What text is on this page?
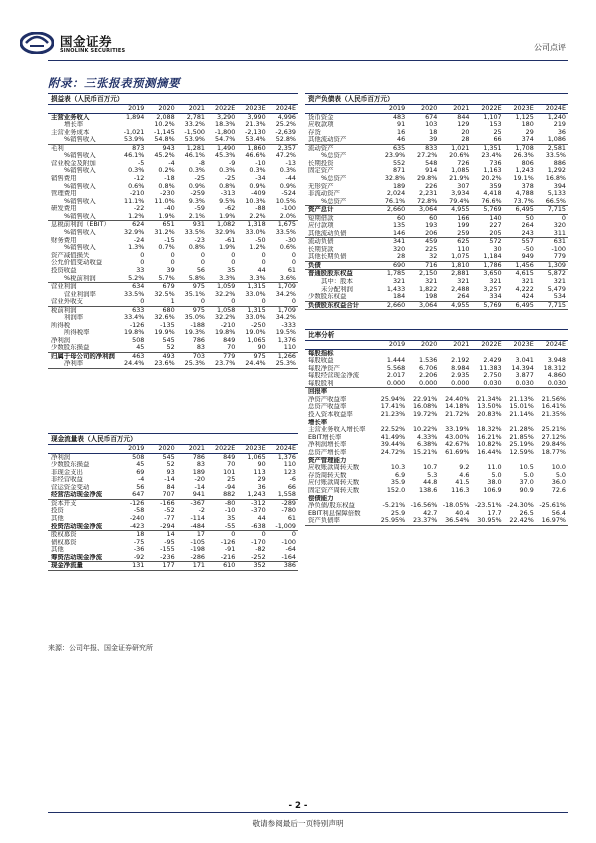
国金证券
SINOLINK SECURITIES	公司点评
附录：三张报表预测摘要
损益表（人民币百万元）
	2019	2020	2021	2022E	2023E	2024E
主营业务收入	1,894	2,088	2,781	3,290	3,990	4,996
增长率		10.2%	33.2%	18.3%	21.3%	25.2%
主营业务成本	-1,021	-1,145	-1,500	-1,800	-2,130	-2,639
%销售收入	53.9%	54.8%	53.9%	54.7%	53.4%	52.8%
毛利	873	943	1,281	1,490	1,860	2,357
%销售收入	46.1%	45.2%	46.1%	45.3%	46.6%	47.2%
营业税金及附加	-5	-4	-8	-9	-10	-13
%销售收入	0.3%	0.2%	0.3%	0.3%	0.3%	0.3%
销售费用	-12	-18	-25	-25	-34	-44
%销售收入	0.6%	0.8%	0.9%	0.8%	0.9%	0.9%
管理费用	-210	-230	-259	-313	-409	-524
%销售收入	11.1%	11.0%	9.3%	9.5%	10.3%	10.5%
研发费用	-22	-40	-59	-62	-88	-100
%销售收入	1.2%	1.9%	2.1%	1.9%	2.2%	2.0%
息税前利润（EBIT）	624	651	931	1,082	1,318	1,675
%销售收入	32.9%	31.2%	33.5%	32.9%	33.0%	33.5%
财务费用	-24	-15	-23	-61	-50	-30
%销售收入	1.3%	0.7%	0.8%	1.9%	1.2%	0.6%
资产减值损失	0	0	0	0	0	0
公允价值变动收益	0	0	0	0	0	0
投资收益	33	39	56	35	44	61
%税前利润	5.2%	5.7%	5.8%	3.3%	3.3%	3.6%
营业利润	634	679	975	1,059	1,315	1,709
营业利润率	33.5%	32.5%	35.1%	32.2%	33.0%	34.2%
营业外收支	0	1	0	0	0	0
税前利润	633	680	975	1,058	1,315	1,709
利润率	33.4%	32.6%	35.0%	32.2%	33.0%	34.2%
所得税	-126	-135	-188	-210	-250	-333
所得税率	19.8%	19.9%	19.3%	19.8%	19.0%	19.5%
净利润	508	545	786	849	1,065	1,376
少数股东损益	45	52	83	70	90	110
归属于母公司的净利润	463	493	703	779	975	1,266
净利率	24.4%	23.6%	25.3%	23.7%	24.4%	25.3%
现金流量表（人民币百万元）
	2019	2020	2021	2022E	2023E	2024E
净利润	508	545	786	849	1,065	1,376
少数股东损益	45	52	83	70	90	110
非现金支出	69	93	189	101	113	123
非经营收益	-4	-14	-20	25	29	-6
营运资金变动	56	84	-14	-94	36	66
经营活动现金净流	647	707	941	882	1,243	1,558
资本开支	-126	-166	-367	-80	-312	-289
投资	-58	-52	-2	-10	-370	-780
其他	-240	-77	-114	35	44	61
投资活动现金净流	-423	-294	-484	-55	-638	-1,009
股权募资	18	14	17	0	0	0
债权募资	-75	-95	-105	-126	-170	-100
其他	-36	-155	-198	-91	-82	-64
筹资活动现金净流	-92	-236	-286	-216	-252	-164
现金净流量	131	177	171	610	352	386
资产负债表（人民币百万元）
	2019	2020	2021	2022E	2023E	2024E
货币资金	483	674	844	1,107	1,125	1,240
应收款项	91	103	129	153	180	219
存货	16	18	20	25	29	36
其他流动资产	46	39	28	66	374	1,086
流动资产	635	833	1,021	1,351	1,708	2,581
%总资产	23.9%	27.2%	20.6%	23.4%	26.3%	33.5%
长期投资	552	548	726	736	806	886
固定资产	871	914	1,085	1,163	1,243	1,292
%总资产	32.8%	29.8%	21.9%	20.2%	19.1%	16.8%
无形资产	189	226	307	359	378	394
非流动资产	2,024	2,231	3,934	4,418	4,788	5,133
%总资产	76.1%	72.8%	79.4%	76.6%	73.7%	66.5%
资产总计	2,660	3,064	4,955	5,769	6,495	7,715
短期借款	60	60	166	140	50	0
应付款项	135	193	199	227	264	320
其他流动负债	146	206	259	205	243	311
流动负债	341	459	625	572	557	631
长期贷款	320	225	110	30	-50	-100
其他长期负债	28	32	1,075	1,184	949	779
负债	690	716	1,810	1,786	1,456	1,309
普通股股东权益	1,785	2,150	2,881	3,650	4,615	5,872
其中：股本	321	321	321	321	321	321
未分配利润	1,433	1,822	2,488	3,257	4,222	5,479
少数股东权益	184	198	264	334	424	534
负债股东权益合计	2,660	3,064	4,955	5,769	6,495	7,715
比率分析
	2019	2020	2021	2022E	2023E	2024E
每股指标						
每股收益	1.444	1.536	2.192	2.429	3.041	3.948
每股净资产	5.568	6.706	8.984	11.383	14.394	18.312
每股经营现金净流	2.017	2.206	2.935	2.750	3.877	4.860
每股股利	0.000	0.000	0.000	0.030	0.030	0.030
回报率						
净资产收益率	25.94%	22.91%	24.40%	21.34%	21.13%	21.56%
总资产收益率	17.41%	16.08%	14.18%	13.50%	15.01%	16.41%
投入资本收益率	21.23%	19.72%	21.72%	20.83%	21.14%	21.35%
增长率						
主营业务收入增长率	22.52%	10.22%	33.19%	18.32%	21.28%	25.21%
EBIT增长率	41.49%	4.33%	43.00%	16.21%	21.85%	27.12%
净利润增长率	39.44%	6.38%	42.67%	10.82%	25.19%	29.84%
总资产增长率	24.72%	15.21%	61.69%	16.44%	12.59%	18.77%
资产管理能力						
应收账款周转天数	10.3	10.7	9.2	11.0	10.5	10.0
存货周转天数	6.9	5.3	4.6	5.0	5.0	5.0
应付账款周转天数	35.9	44.8	41.5	38.0	37.0	36.0
固定资产周转天数	152.0	138.6	116.3	106.9	90.9	72.6
偿债能力						
净负债/股东权益	-5.21%	-16.56%	-18.05%	-23.51%	-24.30%	-25.61%
EBIT利息保障倍数	25.9	42.7	40.4	17.7	26.5	56.4
资产负债率	25.95%	23.37%	36.54%	30.95%	22.42%	16.97%
来源：公司年报、国金证券研究所
- 2 -
敬请参阅最后一页特别声明
